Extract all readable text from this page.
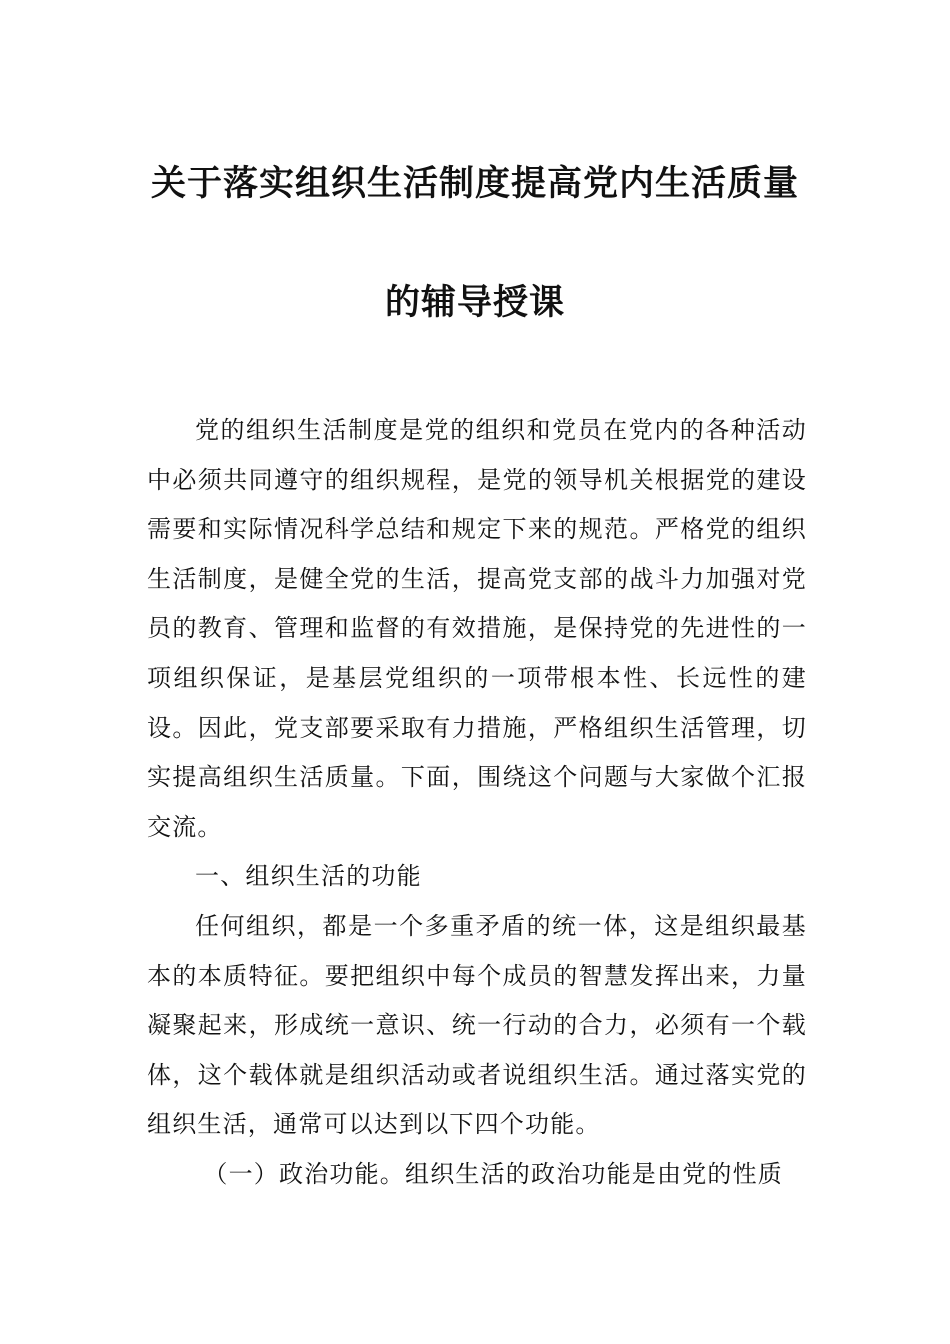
关于落实组织生活制度提高党内生活质量
的辅导授课

党的组织生活制度是党的组织和党员在党内的各种活动中必须共同遵守的组织规程，是党的领导机关根据党的建设需要和实际情况科学总结和规定下来的规范。严格党的组织生活制度，是健全党的生活，提高党支部的战斗力加强对党员的教育、管理和监督的有效措施，是保持党的先进性的一项组织保证，是基层党组织的一项带根本性、长远性的建设。因此，党支部要采取有力措施，严格组织生活管理，切实提高组织生活质量。下面，围绕这个问题与大家做个汇报交流。

一、组织生活的功能

任何组织，都是一个多重矛盾的统一体，这是组织最基本的本质特征。要把组织中每个成员的智慧发挥出来，力量凝聚起来，形成统一意识、统一行动的合力，必须有一个载体，这个载体就是组织活动或者说组织生活。通过落实党的组织生活，通常可以达到以下四个功能。

（一）政治功能。组织生活的政治功能是由党的性质
